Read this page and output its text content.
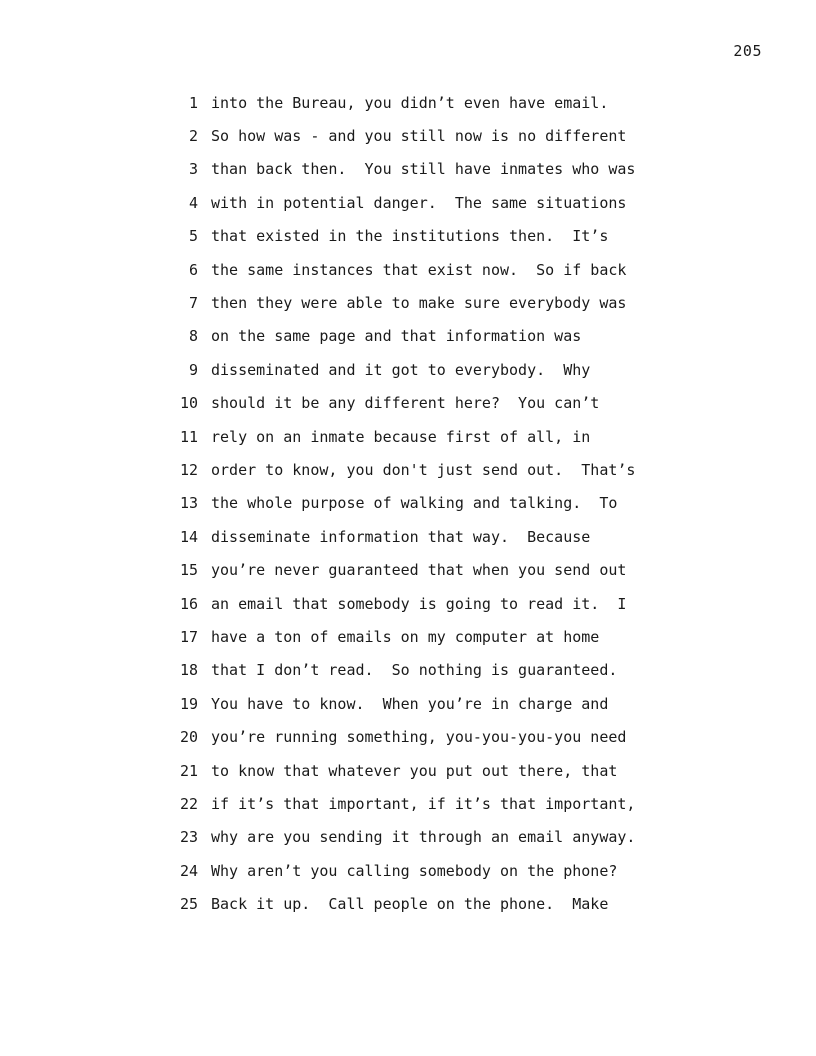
205
1 into the Bureau, you didn’t even have email.
2 So how was - and you still now is no different
3 than back then.  You still have inmates who was
4 with in potential danger.  The same situations
5 that existed in the institutions then.  It’s
6 the same instances that exist now.  So if back
7 then they were able to make sure everybody was
8 on the same page and that information was
9 disseminated and it got to everybody.  Why
10 should it be any different here?  You can’t
11 rely on an inmate because first of all, in
12 order to know, you don't just send out.  That’s
13 the whole purpose of walking and talking.  To
14 disseminate information that way.  Because
15 you’re never guaranteed that when you send out
16 an email that somebody is going to read it.  I
17 have a ton of emails on my computer at home
18 that I don’t read.  So nothing is guaranteed.
19 You have to know.  When you’re in charge and
20 you’re running something, you-you-you-you need
21 to know that whatever you put out there, that
22 if it’s that important, if it’s that important,
23 why are you sending it through an email anyway.
24 Why aren’t you calling somebody on the phone?
25 Back it up.  Call people on the phone.  Make
